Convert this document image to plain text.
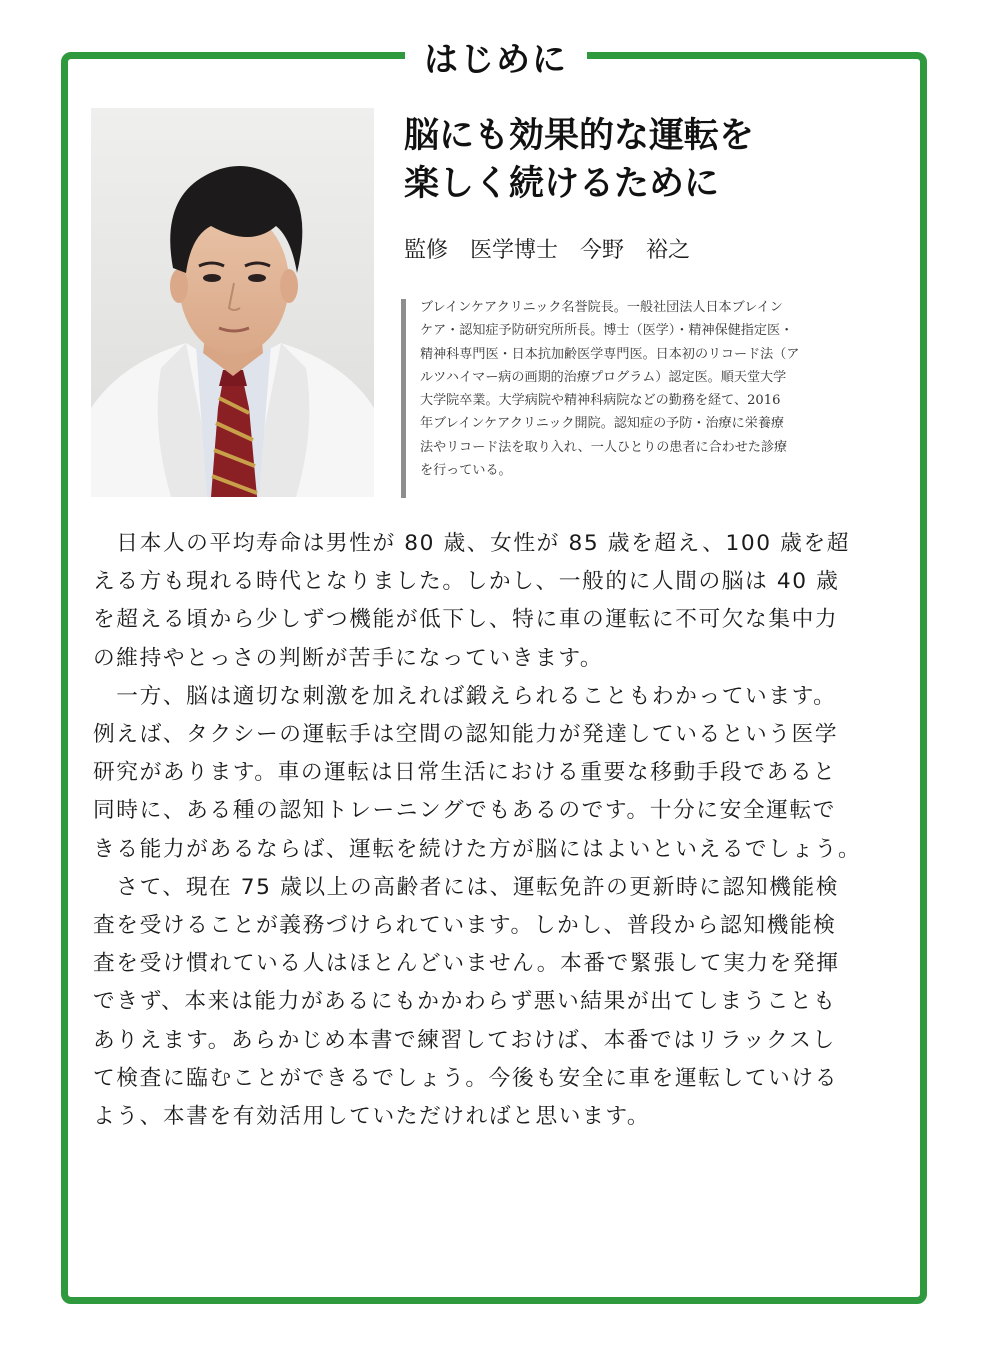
はじめに
脳にも効果的な運転を
楽しく続けるために
監修 医学博士 今野　裕之
ブレインケアクリニック名誉院長。一般社団法人日本ブレイン
ケア・認知症予防研究所所長。博士（医学）・精神保健指定医・
精神科専門医・日本抗加齢医学専門医。日本初のリコード法（ア
ルツハイマー病の画期的治療プログラム）認定医。順天堂大学
大学院卒業。大学病院や精神科病院などの勤務を経て、2016
年ブレインケアクリニック開院。認知症の予防・治療に栄養療
法やリコード法を取り入れ、一人ひとりの患者に合わせた診療
を行っている。
　日本人の平均寿命は男性が 80 歳、女性が 85 歳を超え、100 歳を超
える方も現れる時代となりました。しかし、一般的に人間の脳は 40 歳
を超える頃から少しずつ機能が低下し、特に車の運転に不可欠な集中力
の維持やとっさの判断が苦手になっていきます。
　一方、脳は適切な刺激を加えれば鍛えられることもわかっています。
例えば、タクシーの運転手は空間の認知能力が発達しているという医学
研究があります。車の運転は日常生活における重要な移動手段であると
同時に、ある種の認知トレーニングでもあるのです。十分に安全運転で
きる能力があるならば、運転を続けた方が脳にはよいといえるでしょう。
　さて、現在 75 歳以上の高齢者には、運転免許の更新時に認知機能検
査を受けることが義務づけられています。しかし、普段から認知機能検
査を受け慣れている人はほとんどいません。本番で緊張して実力を発揮
できず、本来は能力があるにもかかわらず悪い結果が出てしまうことも
ありえます。あらかじめ本書で練習しておけば、本番ではリラックスし
て検査に臨むことができるでしょう。今後も安全に車を運転していける
よう、本書を有効活用していただければと思います。
